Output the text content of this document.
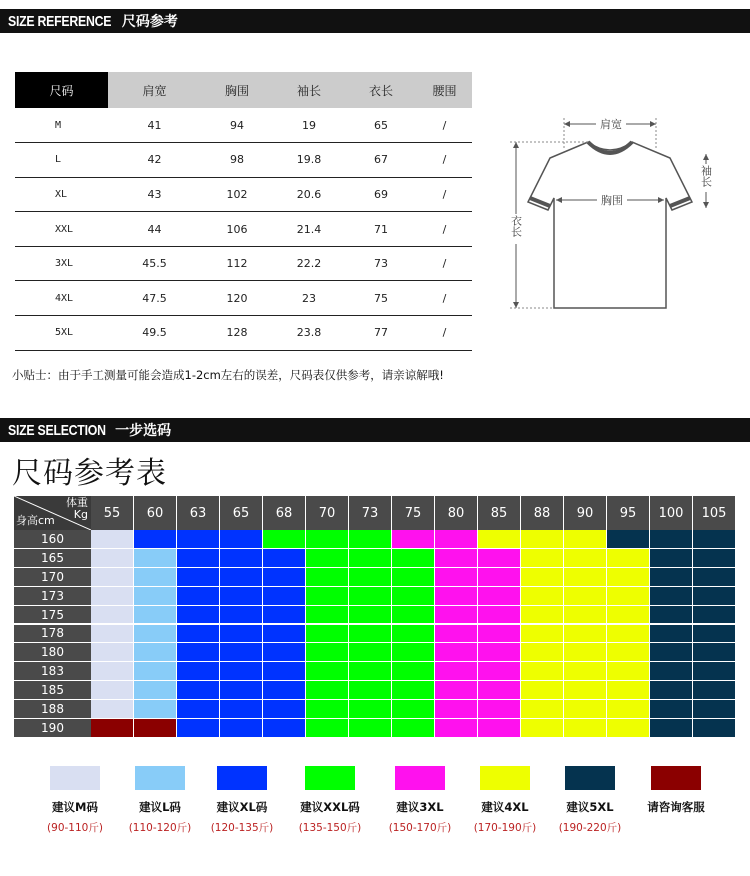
SIZE REFERENCE 尺码参考
尺码	肩宽	胸围	袖长	衣长	腰围
M	41	94	19	65	/
L	42	98	19.8	67	/
XL	43	102	20.6	69	/
XXL	44	106	21.4	71	/
3XL	45.5	112	22.2	73	/
4XL	47.5	120	23	75	/
5XL	49.5	128	23.8	77	/
小贴士：由于手工测量可能会造成1-2cm左右的误差，尺码表仅供参考，请亲谅解哦!
肩宽
胸围
袖长
衣长
SIZE SELECTION 一步选码
尺码参考表
体重
Kg
身高cm	55	60	63	65	68	70	73	75	80	85	88	90	95	100	105
160
165
170
173
175
178
180
183
185
188
190
建议M码
(90-110斤)
建议L码
(110-120斤)
建议XL码
(120-135斤)
建议XXL码
(135-150斤)
建议3XL
(150-170斤)
建议4XL
(170-190斤)
建议5XL
(190-220斤)
请咨询客服
